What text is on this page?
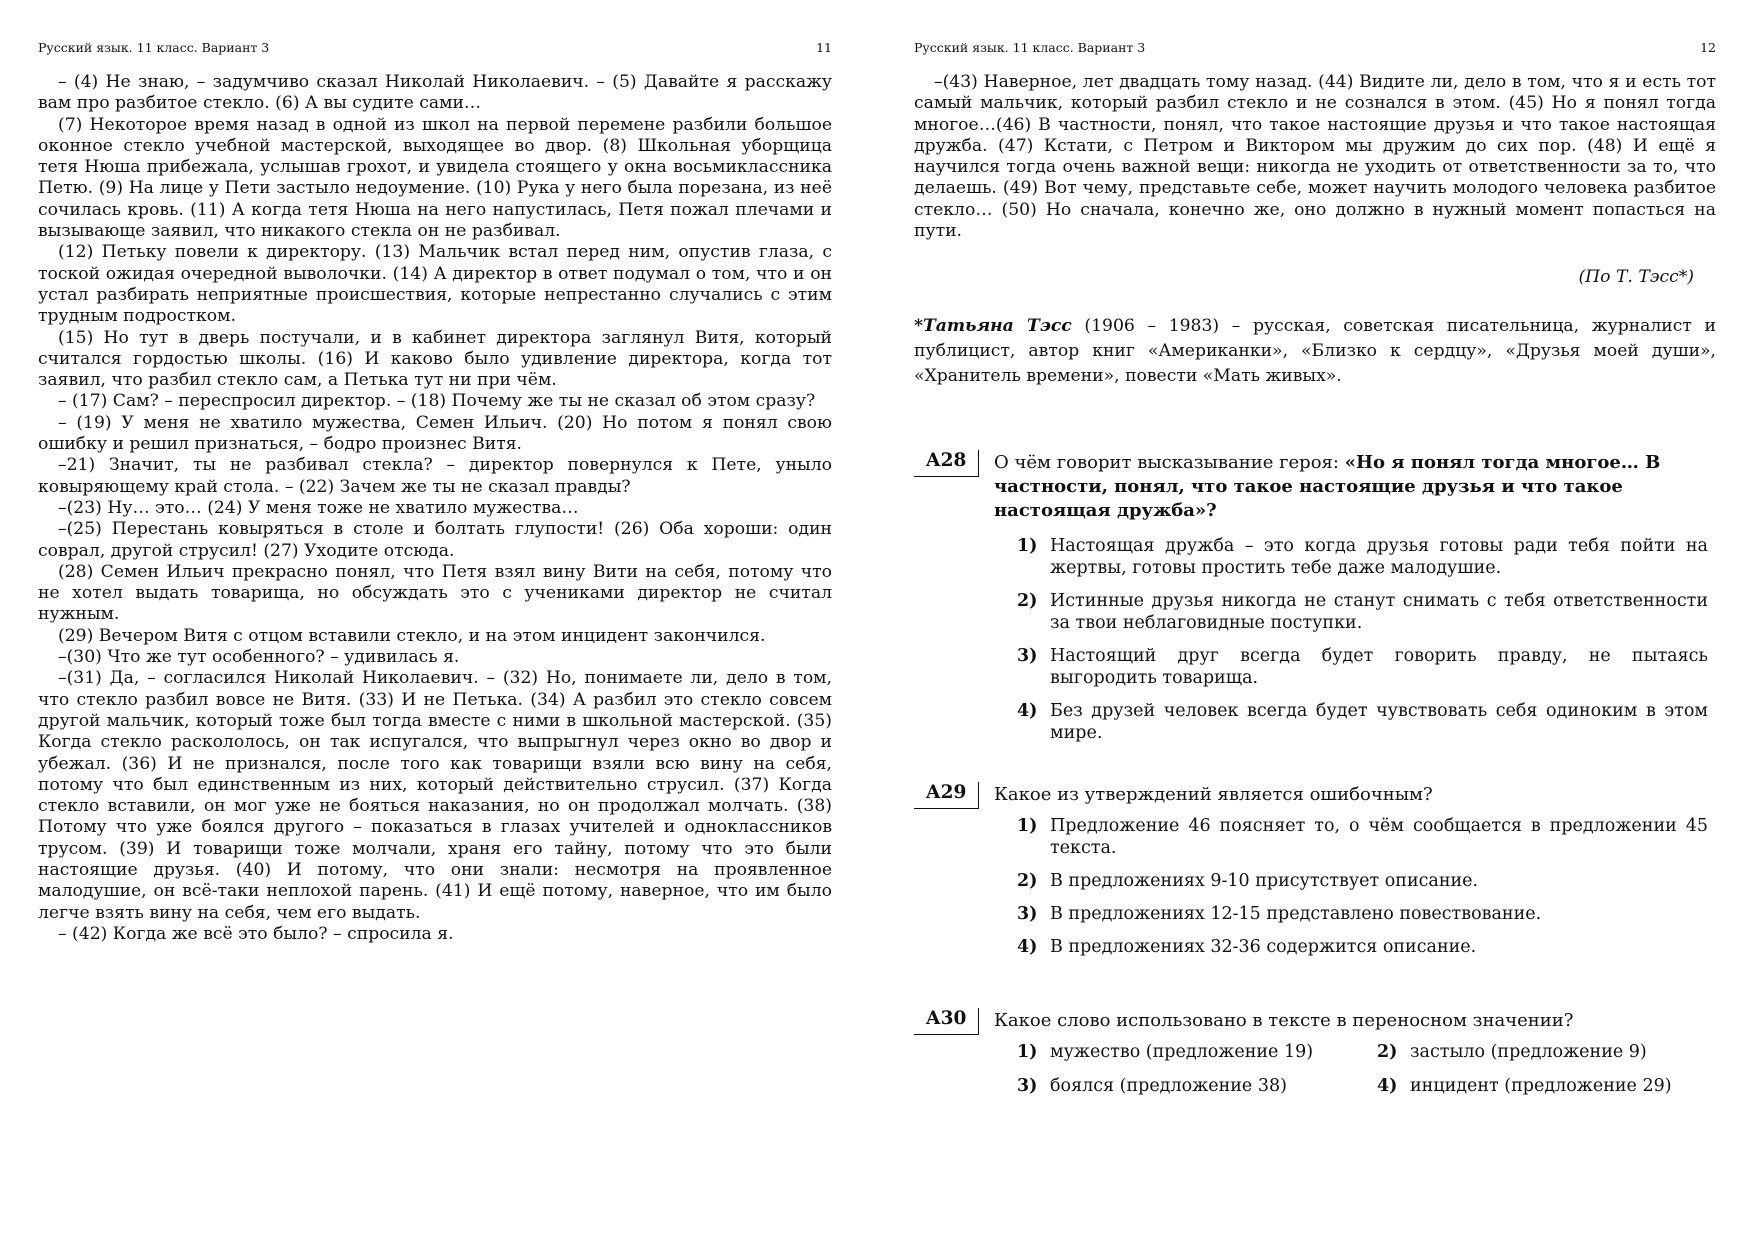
Русский язык. 11 класс. Вариант 3	11

– (4) Не знаю, – задумчиво сказал Николай Николаевич. – (5) Давайте я расскажу вам про разбитое стекло. (6) А вы судите сами…

(7) Некоторое время назад в одной из школ на первой перемене разбили большое оконное стекло учебной мастерской, выходящее во двор. (8) Школьная уборщица тетя Нюша прибежала, услышав грохот, и увидела стоящего у окна восьмиклассника Петю. (9) На лице у Пети застыло недоумение. (10) Рука у него была порезана, из неё сочилась кровь. (11) А когда тетя Нюша на него напустилась, Петя пожал плечами и вызывающе заявил, что никакого стекла он не разбивал.

(12) Петьку повели к директору. (13) Мальчик встал перед ним, опустив глаза, с тоской ожидая очередной выволочки. (14) А директор в ответ подумал о том, что и он устал разбирать неприятные происшествия, которые непрестанно случались с этим трудным подростком.

(15) Но тут в дверь постучали, и в кабинет директора заглянул Витя, который считался гордостью школы. (16) И каково было удивление директора, когда тот заявил, что разбил стекло сам, а Петька тут ни при чём.

– (17) Сам? – переспросил директор. – (18) Почему же ты не сказал об этом сразу?

– (19) У меня не хватило мужества, Семен Ильич. (20) Но потом я понял свою ошибку и решил признаться, – бодро произнес Витя.

–21) Значит, ты не разбивал стекла? – директор повернулся к Пете, уныло ковыряющему край стола. – (22) Зачем же ты не сказал правды?

–(23) Ну… это… (24) У меня тоже не хватило мужества…

–(25) Перестань ковыряться в столе и болтать глупости! (26) Оба хороши: один соврал, другой струсил! (27) Уходите отсюда.

(28) Семен Ильич прекрасно понял, что Петя взял вину Вити на себя, потому что не хотел выдать товарища, но обсуждать это с учениками директор не считал нужным.

(29) Вечером Витя с отцом вставили стекло, и на этом инцидент закончился.

–(30) Что же тут особенного? – удивилась я.

–(31) Да, – согласился Николай Николаевич. – (32) Но, понимаете ли, дело в том, что стекло разбил вовсе не Витя. (33) И не Петька. (34) А разбил это стекло совсем другой мальчик, который тоже был тогда вместе с ними в школьной мастерской. (35) Когда стекло раскололось, он так испугался, что выпрыгнул через окно во двор и убежал. (36) И не признался, после того как товарищи взяли всю вину на себя, потому что был единственным из них, который действительно струсил. (37) Когда стекло вставили, он мог уже не бояться наказания, но он продолжал молчать. (38) Потому что уже боялся другого – показаться в глазах учителей и одноклассников трусом. (39) И товарищи тоже молчали, храня его тайну, потому что это были настоящие друзья. (40) И потому, что они знали: несмотря на проявленное малодушие, он всё-таки неплохой парень. (41) И ещё потому, наверное, что им было легче взять вину на себя, чем его выдать.

– (42) Когда же всё это было? – спросила я.

Русский язык. 11 класс. Вариант 3	12

–(43) Наверное, лет двадцать тому назад. (44) Видите ли, дело в том, что я и есть тот самый мальчик, который разбил стекло и не сознался в этом. (45) Но я понял тогда многое…(46) В частности, понял, что такое настоящие друзья и что такое настоящая дружба. (47) Кстати, с Петром и Виктором мы дружим до сих пор. (48) И ещё я научился тогда очень важной вещи: никогда не уходить от ответственности за то, что делаешь. (49) Вот чему, представьте себе, может научить молодого человека разбитое стекло… (50) Но сначала, конечно же, оно должно в нужный момент попасться на пути.

(По Т. Тэсс*)
*Татьяна Тэсс (1906 – 1983) – русская, советская писательница, журналист и публицист, автор книг «Американки», «Близко к сердцу», «Друзья моей души», «Хранитель времени», повести «Мать живых».
А28	О чём говорит высказывание героя: «Но я понял тогда многое… В частности, понял, что такое настоящие друзья и что такое настоящая дружба»?
1) Настоящая дружба – это когда друзья готовы ради тебя пойти на жертвы, готовы простить тебе даже малодушие.
2) Истинные друзья никогда не станут снимать с тебя ответственности за твои неблаговидные поступки.
3) Настоящий друг всегда будет говорить правду, не пытаясь выгородить товарища.
4) Без друзей человек всегда будет чувствовать себя одиноким в этом мире.
А29	Какое из утверждений является ошибочным?
1) Предложение 46 поясняет то, о чём сообщается в предложении 45 текста.
2) В предложениях 9-10 присутствует описание.
3) В предложениях 12-15 представлено повествование.
4) В предложениях 32-36 содержится описание.
А30	Какое слово использовано в тексте в переносном значении?
1) мужество (предложение 19)	2) застыло (предложение 9)
3) боялся (предложение 38)	4) инцидент (предложение 29)
